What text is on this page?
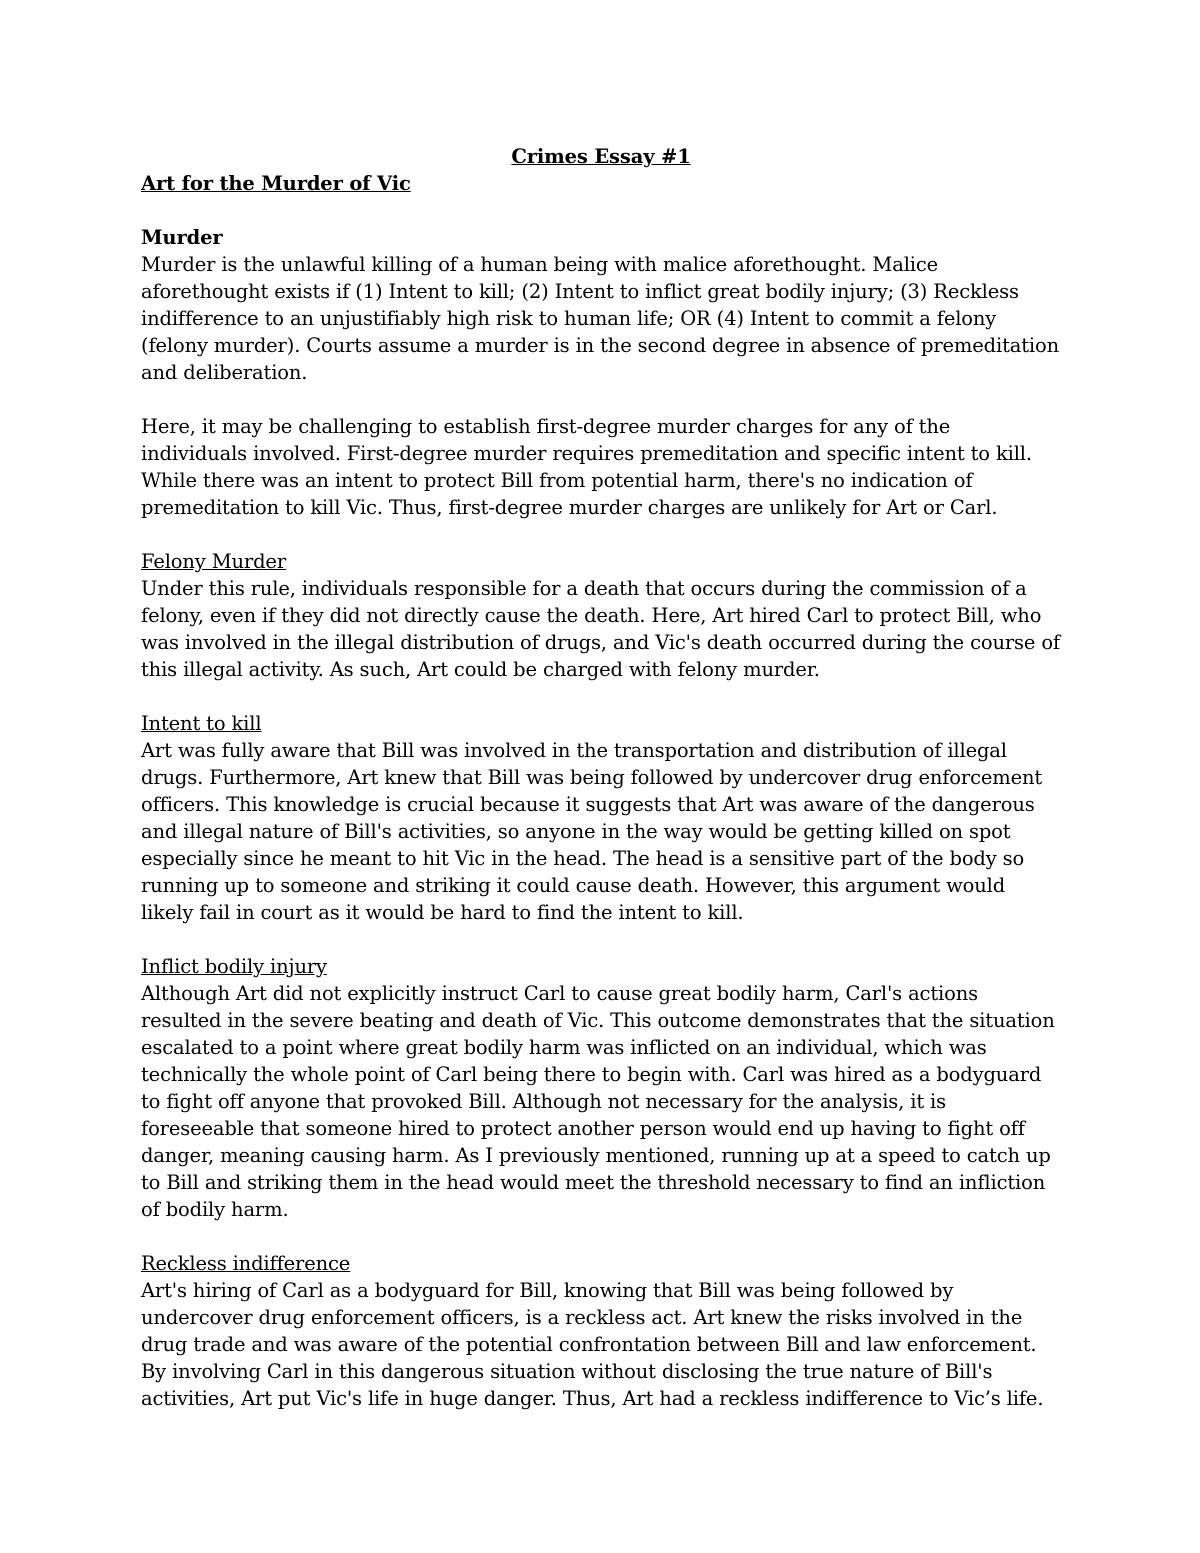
Crimes Essay #1

Art for the Murder of Vic

Murder

Murder is the unlawful killing of a human being with malice aforethought. Malice aforethought exists if (1) Intent to kill; (2) Intent to inflict great bodily injury; (3) Reckless indifference to an unjustifiably high risk to human life; OR (4) Intent to commit a felony (felony murder). Courts assume a murder is in the second degree in absence of premeditation and deliberation.

Here, it may be challenging to establish first-degree murder charges for any of the individuals involved. First-degree murder requires premeditation and specific intent to kill. While there was an intent to protect Bill from potential harm, there's no indication of premeditation to kill Vic. Thus, first-degree murder charges are unlikely for Art or Carl.

Felony Murder

Under this rule, individuals responsible for a death that occurs during the commission of a felony, even if they did not directly cause the death. Here, Art hired Carl to protect Bill, who was involved in the illegal distribution of drugs, and Vic's death occurred during the course of this illegal activity. As such, Art could be charged with felony murder.

Intent to kill

Art was fully aware that Bill was involved in the transportation and distribution of illegal drugs. Furthermore, Art knew that Bill was being followed by undercover drug enforcement officers. This knowledge is crucial because it suggests that Art was aware of the dangerous and illegal nature of Bill's activities, so anyone in the way would be getting killed on spot especially since he meant to hit Vic in the head. The head is a sensitive part of the body so running up to someone and striking it could cause death. However, this argument would likely fail in court as it would be hard to find the intent to kill.

Inflict bodily injury

Although Art did not explicitly instruct Carl to cause great bodily harm, Carl's actions resulted in the severe beating and death of Vic. This outcome demonstrates that the situation escalated to a point where great bodily harm was inflicted on an individual, which was technically the whole point of Carl being there to begin with. Carl was hired as a bodyguard to fight off anyone that provoked Bill. Although not necessary for the analysis, it is foreseeable that someone hired to protect another person would end up having to fight off danger, meaning causing harm. As I previously mentioned, running up at a speed to catch up to Bill and striking them in the head would meet the threshold necessary to find an infliction of bodily harm.

Reckless indifference

Art's hiring of Carl as a bodyguard for Bill, knowing that Bill was being followed by undercover drug enforcement officers, is a reckless act. Art knew the risks involved in the drug trade and was aware of the potential confrontation between Bill and law enforcement. By involving Carl in this dangerous situation without disclosing the true nature of Bill's activities, Art put Vic's life in huge danger. Thus, Art had a reckless indifference to Vic’s life.
